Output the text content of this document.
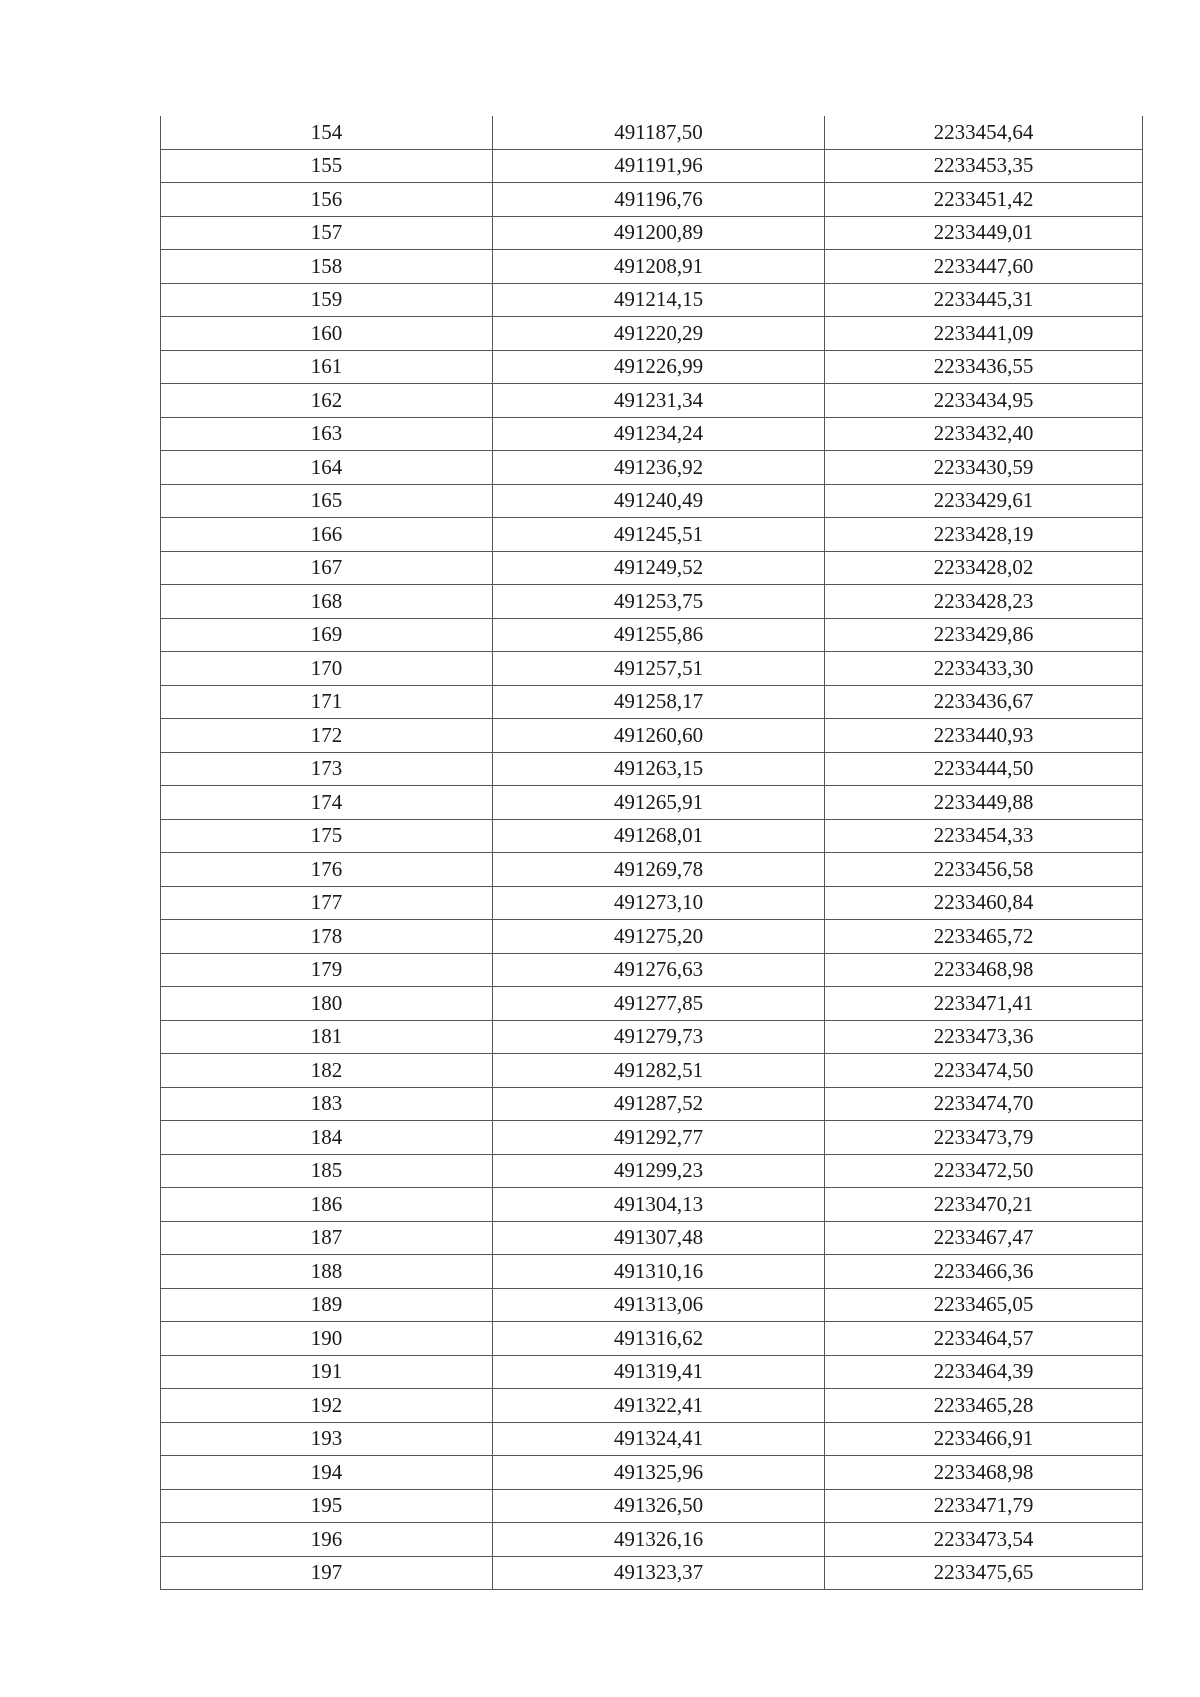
154	491187,50	2233454,64
155	491191,96	2233453,35
156	491196,76	2233451,42
157	491200,89	2233449,01
158	491208,91	2233447,60
159	491214,15	2233445,31
160	491220,29	2233441,09
161	491226,99	2233436,55
162	491231,34	2233434,95
163	491234,24	2233432,40
164	491236,92	2233430,59
165	491240,49	2233429,61
166	491245,51	2233428,19
167	491249,52	2233428,02
168	491253,75	2233428,23
169	491255,86	2233429,86
170	491257,51	2233433,30
171	491258,17	2233436,67
172	491260,60	2233440,93
173	491263,15	2233444,50
174	491265,91	2233449,88
175	491268,01	2233454,33
176	491269,78	2233456,58
177	491273,10	2233460,84
178	491275,20	2233465,72
179	491276,63	2233468,98
180	491277,85	2233471,41
181	491279,73	2233473,36
182	491282,51	2233474,50
183	491287,52	2233474,70
184	491292,77	2233473,79
185	491299,23	2233472,50
186	491304,13	2233470,21
187	491307,48	2233467,47
188	491310,16	2233466,36
189	491313,06	2233465,05
190	491316,62	2233464,57
191	491319,41	2233464,39
192	491322,41	2233465,28
193	491324,41	2233466,91
194	491325,96	2233468,98
195	491326,50	2233471,79
196	491326,16	2233473,54
197	491323,37	2233475,65
